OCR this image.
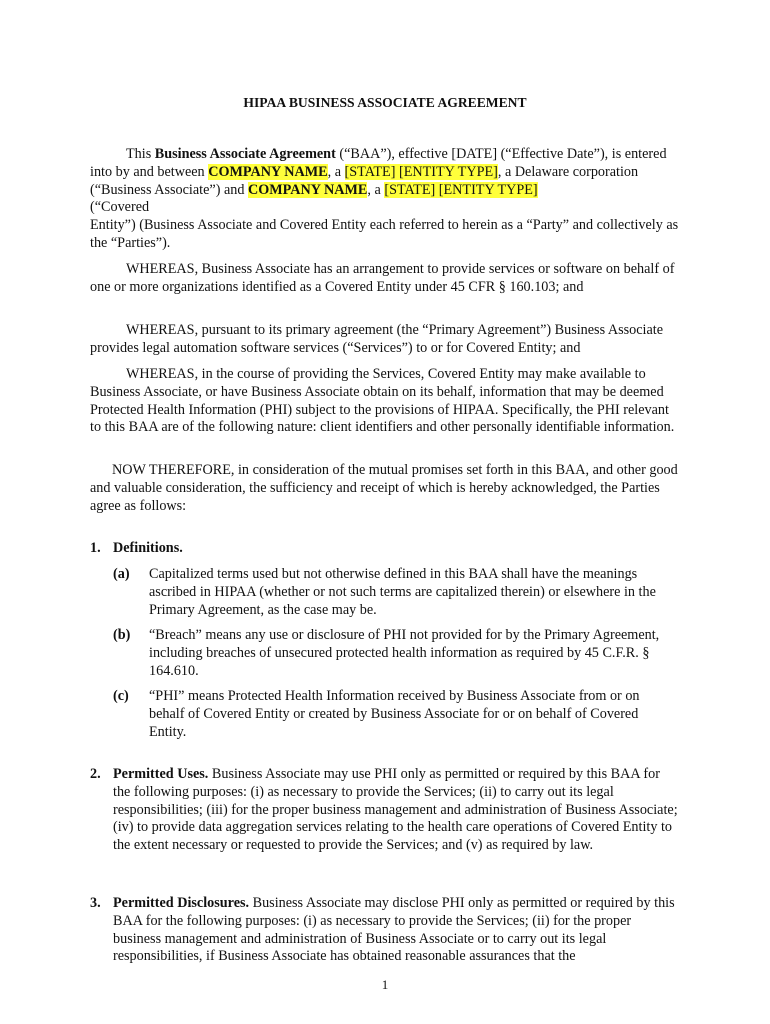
HIPAA BUSINESS ASSOCIATE AGREEMENT
This Business Associate Agreement (“BAA”), effective [DATE] (“Effective Date”), is entered into by and between COMPANY NAME, a [STATE] [ENTITY TYPE], a Delaware corporation (“Business Associate”) and COMPANY NAME, a [STATE] [ENTITY TYPE]
(“Covered
Entity”) (Business Associate and Covered Entity each referred to herein as a “Party” and collectively as the “Parties”).
WHEREAS, Business Associate has an arrangement to provide services or software on behalf of one or more organizations identified as a Covered Entity under 45 CFR § 160.103; and
WHEREAS, pursuant to its primary agreement (the “Primary Agreement”) Business Associate provides legal automation software services (“Services”) to or for Covered Entity; and
WHEREAS, in the course of providing the Services, Covered Entity may make available to Business Associate, or have Business Associate obtain on its behalf, information that may be deemed Protected Health Information (PHI) subject to the provisions of HIPAA. Specifically, the PHI relevant to this BAA are of the following nature: client identifiers and other personally identifiable information.
NOW THEREFORE, in consideration of the mutual promises set forth in this BAA, and other good and valuable consideration, the sufficiency and receipt of which is hereby acknowledged, the Parties agree as follows:
1. Definitions.
(a) Capitalized terms used but not otherwise defined in this BAA shall have the meanings ascribed in HIPAA (whether or not such terms are capitalized therein) or elsewhere in the Primary Agreement, as the case may be.
(b) “Breach” means any use or disclosure of PHI not provided for by the Primary Agreement, including breaches of unsecured protected health information as required by 45 C.F.R. § 164.610.
(c) “PHI” means Protected Health Information received by Business Associate from or on behalf of Covered Entity or created by Business Associate for or on behalf of Covered Entity.
2. Permitted Uses. Business Associate may use PHI only as permitted or required by this BAA for the following purposes: (i) as necessary to provide the Services; (ii) to carry out its legal responsibilities; (iii) for the proper business management and administration of Business Associate; (iv) to provide data aggregation services relating to the health care operations of Covered Entity to the extent necessary or requested to provide the Services; and (v) as required by law.
3. Permitted Disclosures. Business Associate may disclose PHI only as permitted or required by this BAA for the following purposes: (i) as necessary to provide the Services; (ii) for the proper business management and administration of Business Associate or to carry out its legal responsibilities, if Business Associate has obtained reasonable assurances that the
1
